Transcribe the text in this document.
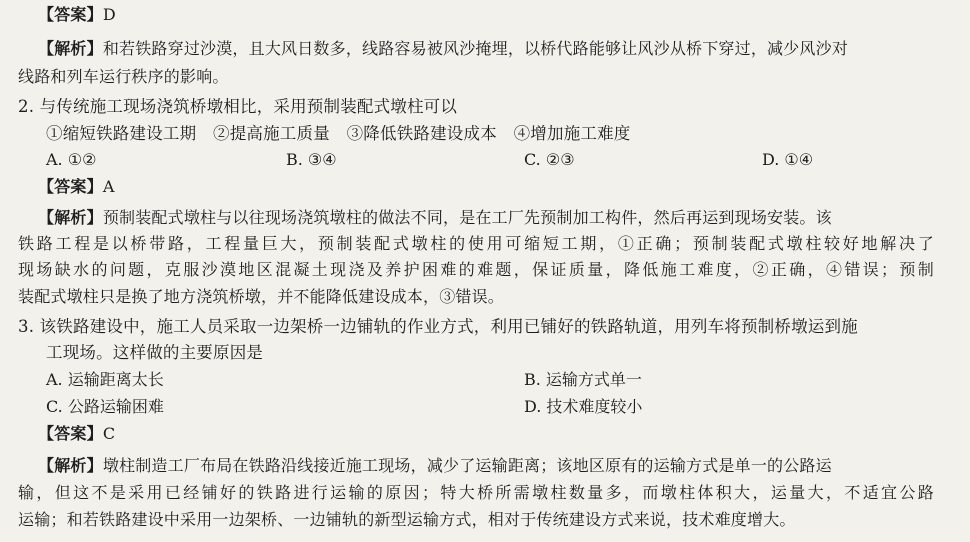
【答案】D
【解析】和若铁路穿过沙漠，且大风日数多，线路容易被风沙掩埋，以桥代路能够让风沙从桥下穿过，减少风沙对
线路和列车运行秩序的影响。
2. 与传统施工现场浇筑桥墩相比，采用预制装配式墩柱可以
①缩短铁路建设工期　②提高施工质量　③降低铁路建设成本　④增加施工难度
A. ①②	B. ③④	C. ②③	D. ①④
【答案】A
【解析】预制装配式墩柱与以往现场浇筑墩柱的做法不同，是在工厂先预制加工构件，然后再运到现场安装。该
铁路工程是以桥带路，工程量巨大，预制装配式墩柱的使用可缩短工期，①正确；预制装配式墩柱较好地解决了
现场缺水的问题，克服沙漠地区混凝土现浇及养护困难的难题，保证质量，降低施工难度，②正确，④错误；预制
装配式墩柱只是换了地方浇筑桥墩，并不能降低建设成本，③错误。
3. 该铁路建设中，施工人员采取一边架桥一边铺轨的作业方式，利用已铺好的铁路轨道，用列车将预制桥墩运到施
工现场。这样做的主要原因是
A. 运输距离太长	B. 运输方式单一
C. 公路运输困难	D. 技术难度较小
【答案】C
【解析】墩柱制造工厂布局在铁路沿线接近施工现场，减少了运输距离；该地区原有的运输方式是单一的公路运
输，但这不是采用已经铺好的铁路进行运输的原因；特大桥所需墩柱数量多，而墩柱体积大，运量大，不适宜公路
运输；和若铁路建设中采用一边架桥、一边铺轨的新型运输方式，相对于传统建设方式来说，技术难度增大。
